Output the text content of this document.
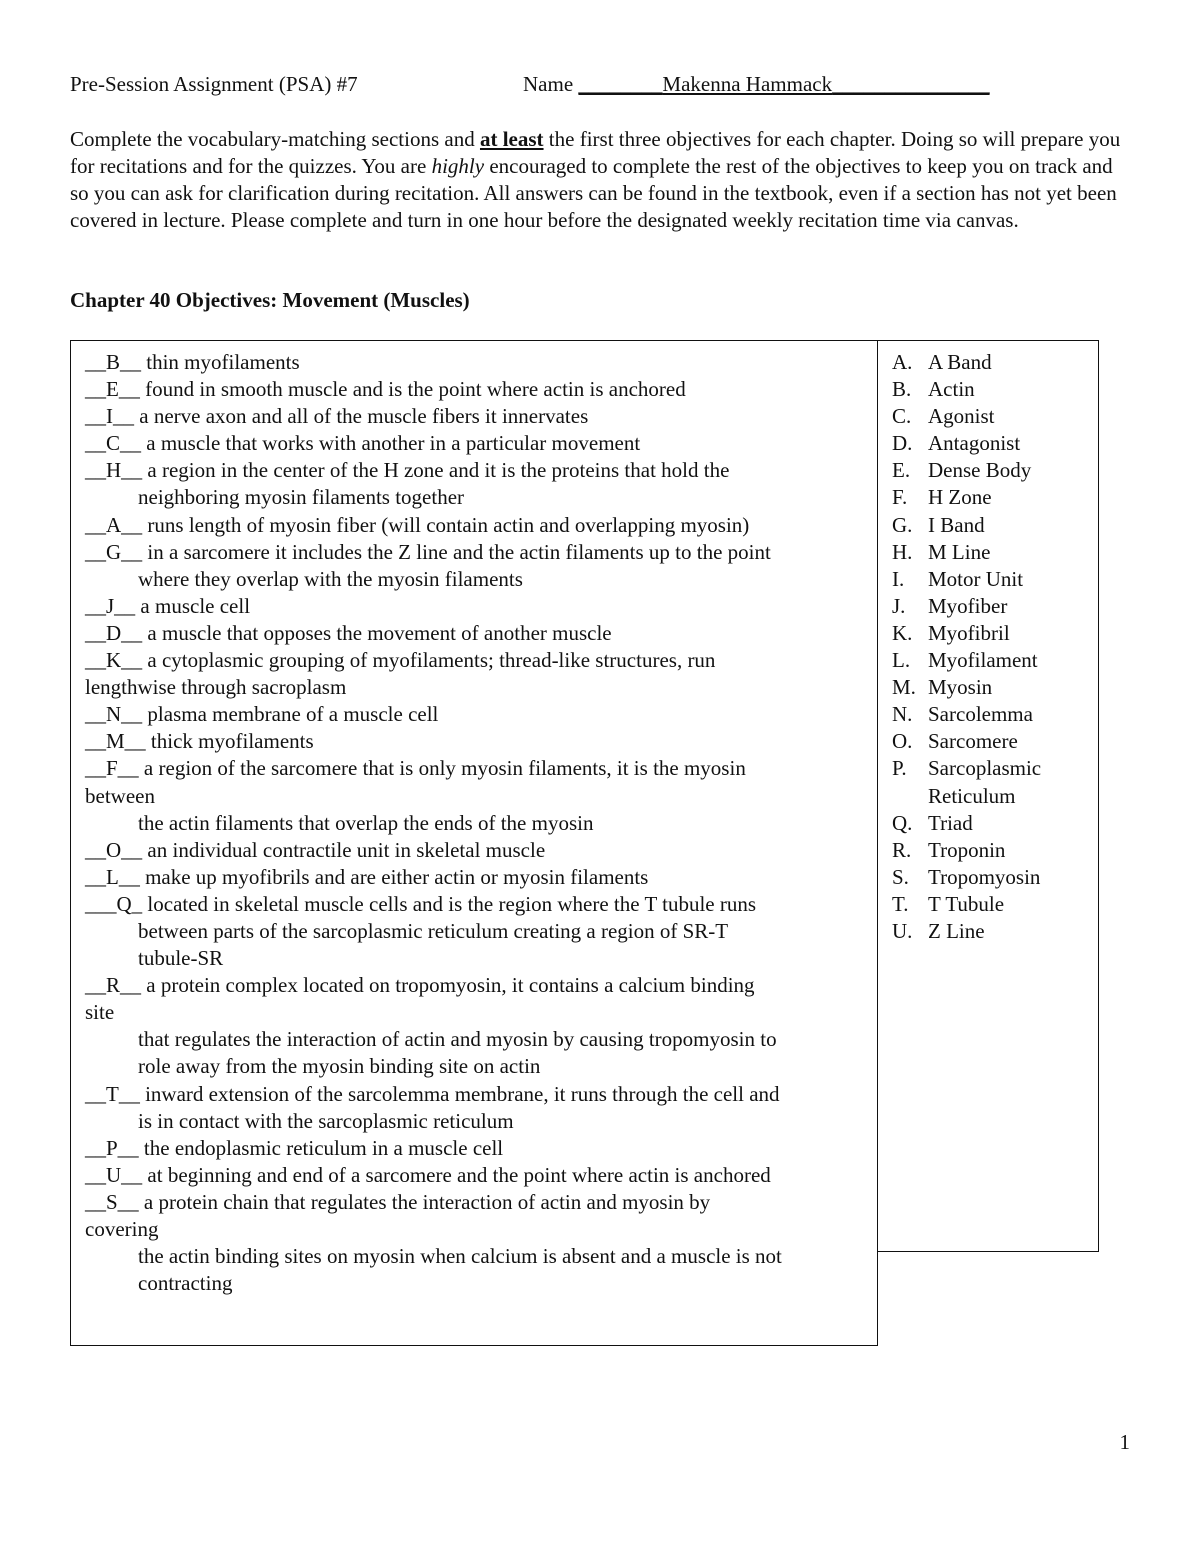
Pre-Session Assignment (PSA) #7	Name ________Makenna Hammack_______________
Complete the vocabulary-matching sections and at least the first three objectives for each chapter. Doing so will prepare you for recitations and for the quizzes. You are highly encouraged to complete the rest of the objectives to keep you on track and so you can ask for clarification during recitation. All answers can be found in the textbook, even if a section has not yet been covered in lecture. Please complete and turn in one hour before the designated weekly recitation time via canvas.
Chapter 40 Objectives: Movement (Muscles)
__B__ thin myofilaments
__E__ found in smooth muscle and is the point where actin is anchored
__I__ a nerve axon and all of the muscle fibers it innervates
__C__ a muscle that works with another in a particular movement
__H__ a region in the center of the H zone and it is the proteins that hold the
neighboring myosin filaments together
__A__ runs length of myosin fiber (will contain actin and overlapping myosin)
__G__ in a sarcomere it includes the Z line and the actin filaments up to the point
where they overlap with the myosin filaments
__J__ a muscle cell
__D__ a muscle that opposes the movement of another muscle
__K__ a cytoplasmic grouping of myofilaments; thread-like structures, run
lengthwise through sacroplasm
__N__ plasma membrane of a muscle cell
__M__ thick myofilaments
__F__ a region of the sarcomere that is only myosin filaments, it is the myosin
between
the actin filaments that overlap the ends of the myosin
__O__ an individual contractile unit in skeletal muscle
__L__ make up myofibrils and are either actin or myosin filaments
___Q_ located in skeletal muscle cells and is the region where the T tubule runs
between parts of the sarcoplasmic reticulum creating a region of SR-T
tubule-SR
__R__ a protein complex located on tropomyosin, it contains a calcium binding
site
that regulates the interaction of actin and myosin by causing tropomyosin to
role away from the myosin binding site on actin
__T__ inward extension of the sarcolemma membrane, it runs through the cell and
is in contact with the sarcoplasmic reticulum
__P__ the endoplasmic reticulum in a muscle cell
__U__ at beginning and end of a sarcomere and the point where actin is anchored
__S__ a protein chain that regulates the interaction of actin and myosin by
covering
the actin binding sites on myosin when calcium is absent and a muscle is not
contracting
A. A Band
B. Actin
C. Agonist
D. Antagonist
E. Dense Body
F. H Zone
G. I Band
H. M Line
I.	Motor Unit
J.	Myofiber
K. Myofibril
L. Myofilament
M. Myosin
N. Sarcolemma
O. Sarcomere
P.	Sarcoplasmic Reticulum
Q. Triad
R. Troponin
S. Tropomyosin
T. T Tubule
U. Z Line
1
